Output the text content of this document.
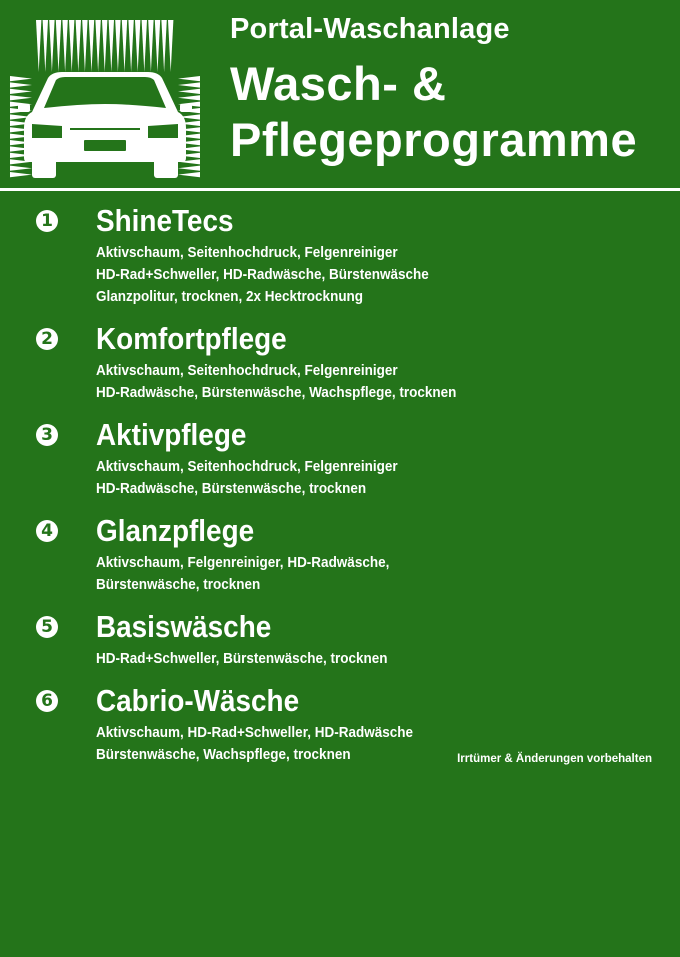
Portal-Waschanlage
Wasch- &
Pflegeprogramme
1 ShineTecs
Aktivschaum, Seitenhochdruck, Felgenreiniger
HD-Rad+Schweller, HD-Radwäsche, Bürstenwäsche
Glanzpolitur, trocknen, 2x Hecktrocknung
2 Komfortpflege
Aktivschaum, Seitenhochdruck, Felgenreiniger
HD-Radwäsche, Bürstenwäsche, Wachspflege, trocknen
3 Aktivpflege
Aktivschaum, Seitenhochdruck, Felgenreiniger
HD-Radwäsche, Bürstenwäsche, trocknen
4 Glanzpflege
Aktivschaum, Felgenreiniger, HD-Radwäsche,
Bürstenwäsche, trocknen
5 Basiswäsche
HD-Rad+Schweller, Bürstenwäsche, trocknen
6 Cabrio-Wäsche
Aktivschaum, HD-Rad+Schweller, HD-Radwäsche
Bürstenwäsche, Wachspflege, trocknen	Irrtümer & Änderungen vorbehalten
